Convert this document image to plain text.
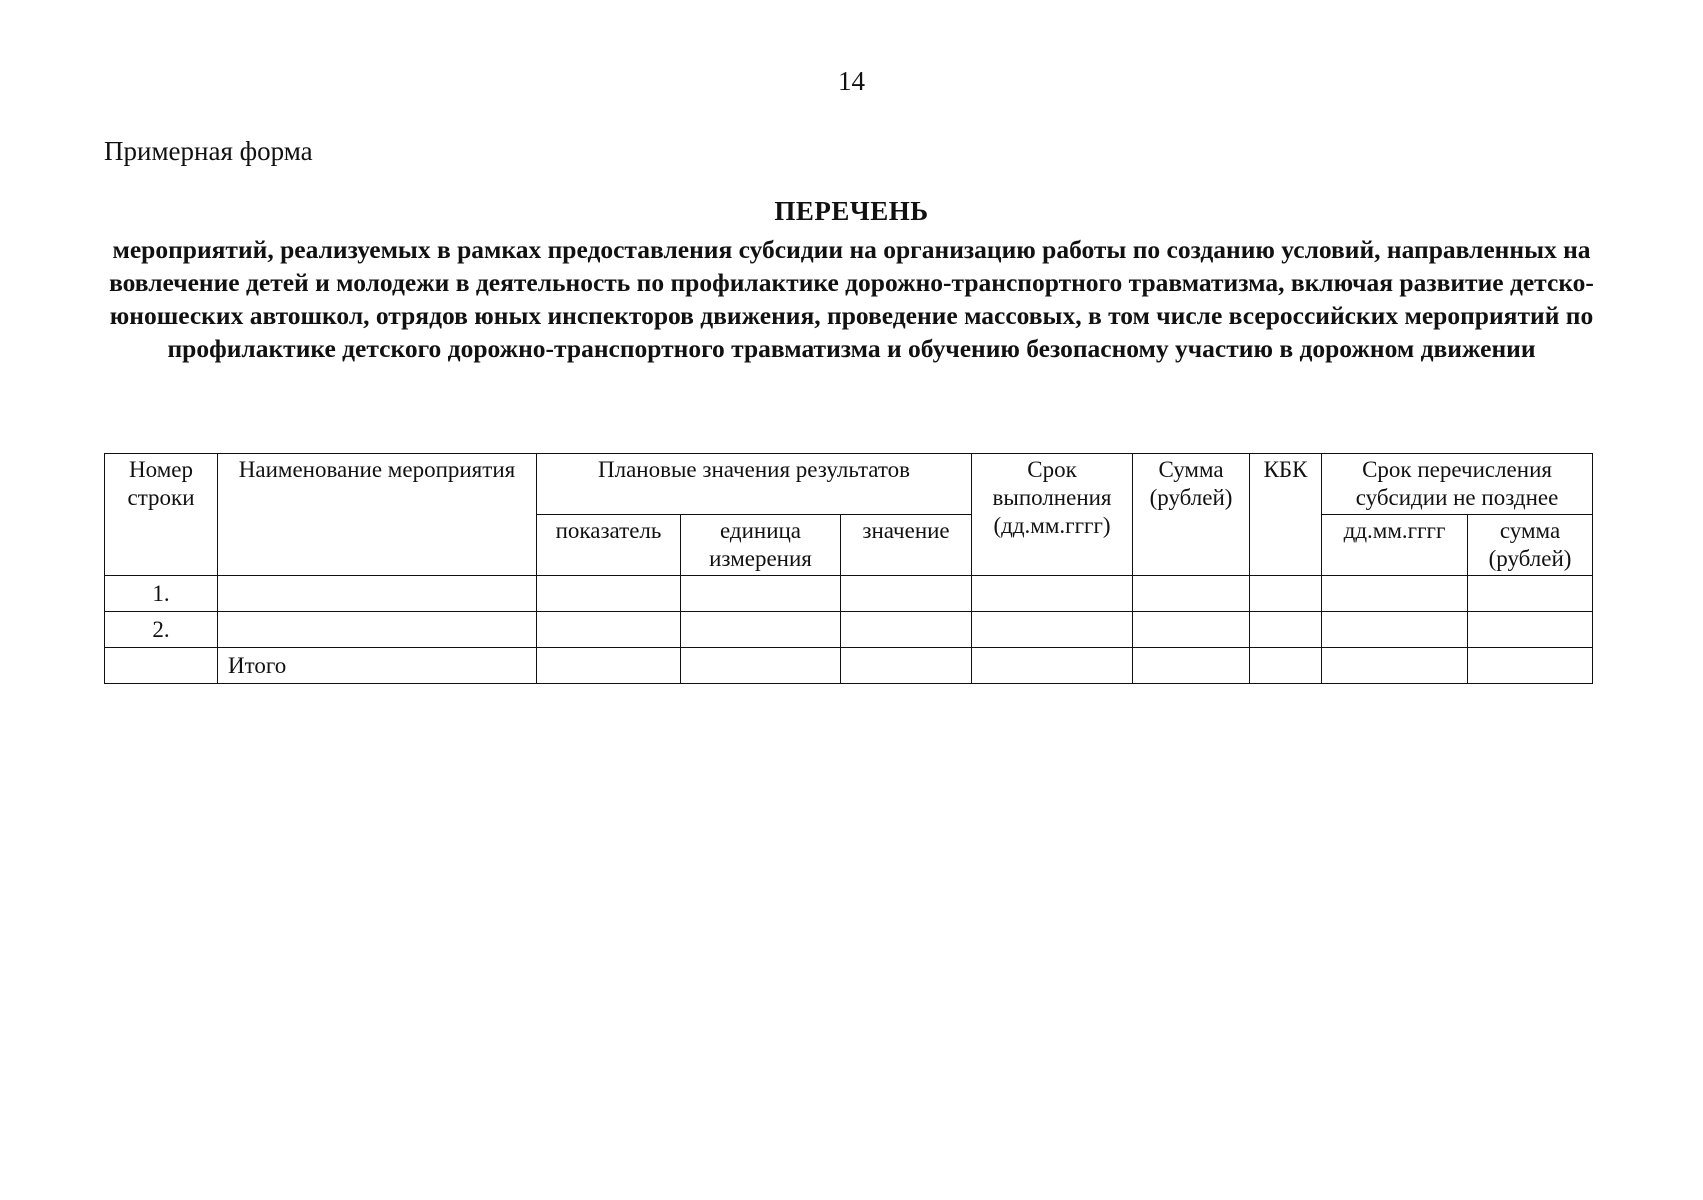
14
Примерная форма
ПЕРЕЧЕНЬ
мероприятий, реализуемых в рамках предоставления субсидии на организацию работы по созданию условий, направленных на вовлечение детей и молодежи в деятельность по профилактике дорожно-транспортного травматизма, включая развитие детско-юношеских автошкол, отрядов юных инспекторов движения, проведение массовых, в том числе всероссийских мероприятий по профилактике детского дорожно-транспортного травматизма и обучению безопасному участию в дорожном движении
Номер строки	Наименование мероприятия	Плановые значения результатов			Срок выполнения (дд.мм.гггг)	Сумма (рублей)	КБК	Срок перечисления субсидии не позднее	
		показатель	единица измерения	значение				дд.мм.гггг	сумма (рублей)
1.									
2.									
	Итого								
